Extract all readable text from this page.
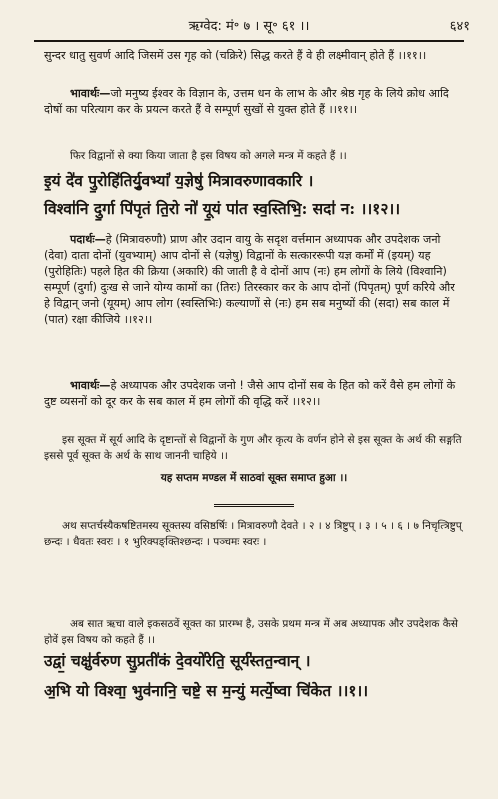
ऋग्वेद: मं॰ ७ । सू॰ ६१ ।।	६४१
सुन्दर धातु सुवर्ण आदि जिसमें उस गृह को (चक्रिरे) सिद्ध करते हैं वे ही लक्ष्मीवान् होते हैं ।।११।।
भावार्थः—जो मनुष्य ईश्वर के विज्ञान के, उत्तम धन के लाभ के और श्रेष्ठ गृह के लिये क्रोध आदि दोषों का परित्याग कर के प्रयत्न करते हैं वे सम्पूर्ण सुखों से युक्त होते हैं ।।११।।
फिर विद्वानों से क्या किया जाता है इस विषय को अगले मन्त्र में कहते हैं ।।
इ॒यं दे॑व पु॒रोहि॑तिर्यु॒वभ्यां॑ य॒ज्ञेषु॑ मित्रावरुणावकारि ।
विश्वा॑नि दु॒र्गा पि॑पृतं ति॒रो नो॑ यू॒यं पा॑त स्व॒स्तिभि॒: सदा॑ न: ।।१२।।
पदार्थः—हे (मित्रावरुणौ) प्राण और उदान वायु के सदृश वर्त्तमान अध्यापक और उपदेशक जनो (देवा) दाता दोनों (युवभ्याम्) आप दोनों से (यज्ञेषु) विद्वानों के सत्काररूपी यज्ञ कर्मों में (इयम्) यह (पुरोहितिः) पहले हित की क्रिया (अकारि) की जाती है वे दोनों आप (नः) हम लोगों के लिये (विश्वानि) सम्पूर्ण (दुर्गा) दुःख से जाने योग्य कामों का (तिरः) तिरस्कार कर के आप दोनों (पिपृतम्) पूर्ण करिये और हे विद्वान् जनो (यूयम्) आप लोग (स्वस्तिभिः) कल्याणों से (नः) हम सब मनुष्यों की (सदा) सब काल में (पात) रक्षा कीजिये ।।१२।।
भावार्थः—हे अध्यापक और उपदेशक जनो ! जैसे आप दोनों सब के हित को करें वैसे हम लोगों के दुष्ट व्यसनों को दूर कर के सब काल में हम लोगों की वृद्धि करें ।।१२।।
इस सूक्त में सूर्य आदि के दृष्टान्तों से विद्वानों के गुण और कृत्य के वर्णन होने से इस सूक्त के अर्थ की सङ्गति इससे पूर्व सूक्त के अर्थ के साथ जाननी चाहिये ।।
यह सप्तम मण्डल में साठवां सूक्त समाप्त हुआ ।।
अथ सप्तर्चस्यैकषष्टितमस्य सूक्तस्य वसिष्ठर्षिः । मित्रावरुणौ देवते । २ । ४ त्रिष्टुप् । ३ । ५ । ६ । ७ निचृत्त्रिष्टुप् छन्दः । धैवतः स्वरः । १ भुरिक्पङ्क्तिश्छन्दः । पञ्चमः स्वरः ।
अब सात ऋचा वाले इकसठवें सूक्त का प्रारम्भ है, उसके प्रथम मन्त्र में अब अध्यापक और उपदेशक कैसे होवें इस विषय को कहते हैं ।।
उद्वां॒ चक्षु॑र्वरुण सु॒प्रती॑कं दे॒वयो॑रेति॒ सूर्य॑स्तत॒न्वान् ।
अ॒भि यो विश्वा॒ भुव॑नानि॒ चष्टे॒ स म॒न्युं मर्त्ये॒ष्वा चि॑केत ।।१।।
